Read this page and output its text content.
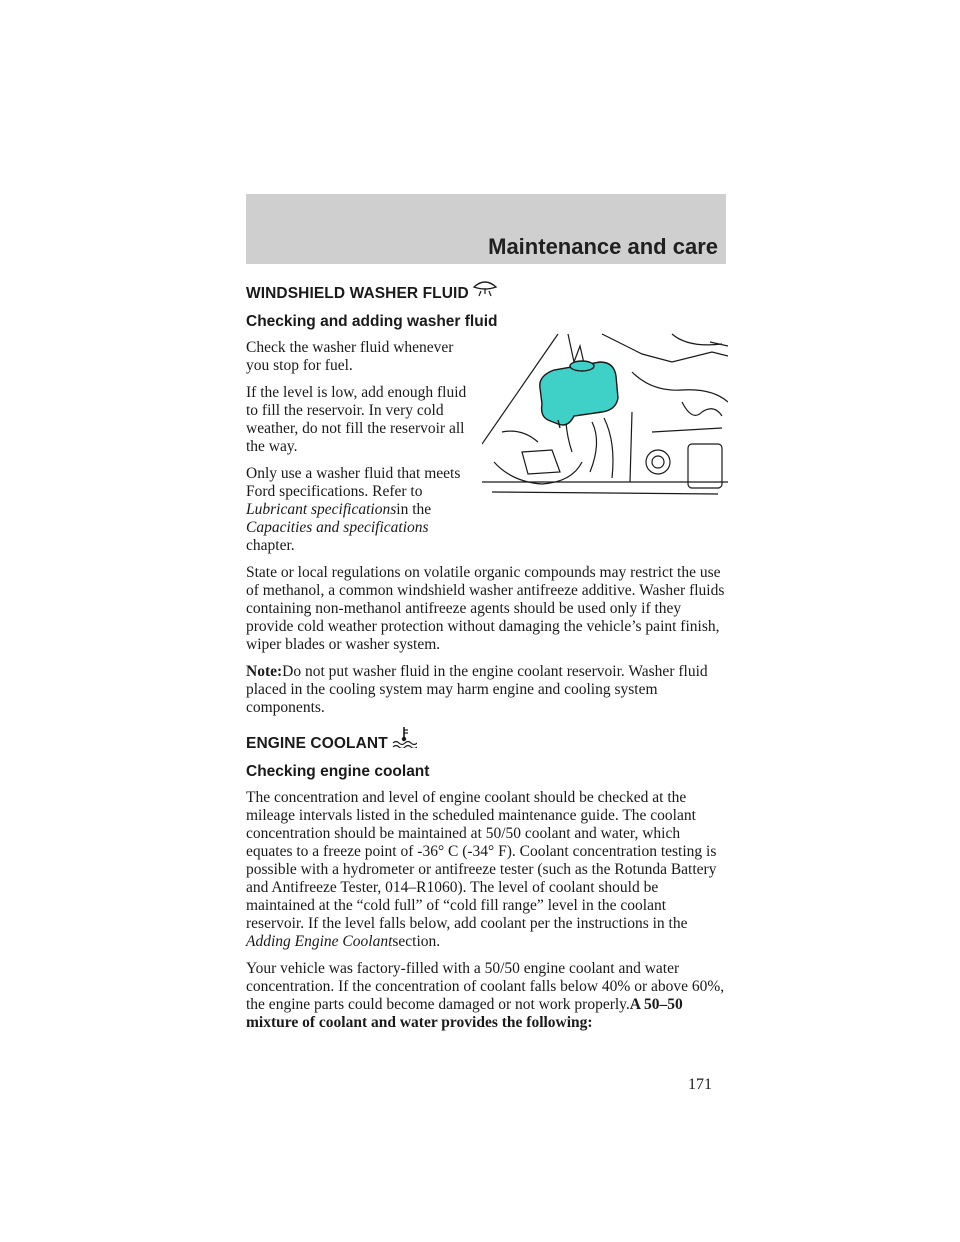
Maintenance and care
WINDSHIELD WASHER FLUID
Checking and adding washer fluid

Check the washer fluid whenever you stop for fuel.

If the level is low, add enough fluid to fill the reservoir. In very cold weather, do not fill the reservoir all the way.

Only use a washer fluid that meets Ford specifications. Refer to Lubricant specificationsin the Capacities and specifications chapter.

State or local regulations on volatile organic compounds may restrict the use of methanol, a common windshield washer antifreeze additive. Washer fluids containing non-methanol antifreeze agents should be used only if they provide cold weather protection without damaging the vehicle’s paint finish, wiper blades or washer system.

Note:Do not put washer fluid in the engine coolant reservoir. Washer fluid placed in the cooling system may harm engine and cooling system components.

ENGINE COOLANT
Checking engine coolant

The concentration and level of engine coolant should be checked at the mileage intervals listed in the scheduled maintenance guide. The coolant concentration should be maintained at 50/50 coolant and water, which equates to a freeze point of -36° C (-34° F). Coolant concentration testing is possible with a hydrometer or antifreeze tester (such as the Rotunda Battery and Antifreeze Tester, 014–R1060). The level of coolant should be maintained at the “cold full” of “cold fill range” level in the coolant reservoir. If the level falls below, add coolant per the instructions in the Adding Engine Coolantsection.

Your vehicle was factory-filled with a 50/50 engine coolant and water concentration. If the concentration of coolant falls below 40% or above 60%, the engine parts could become damaged or not work properly.A 50–50 mixture of coolant and water provides the following:

171
